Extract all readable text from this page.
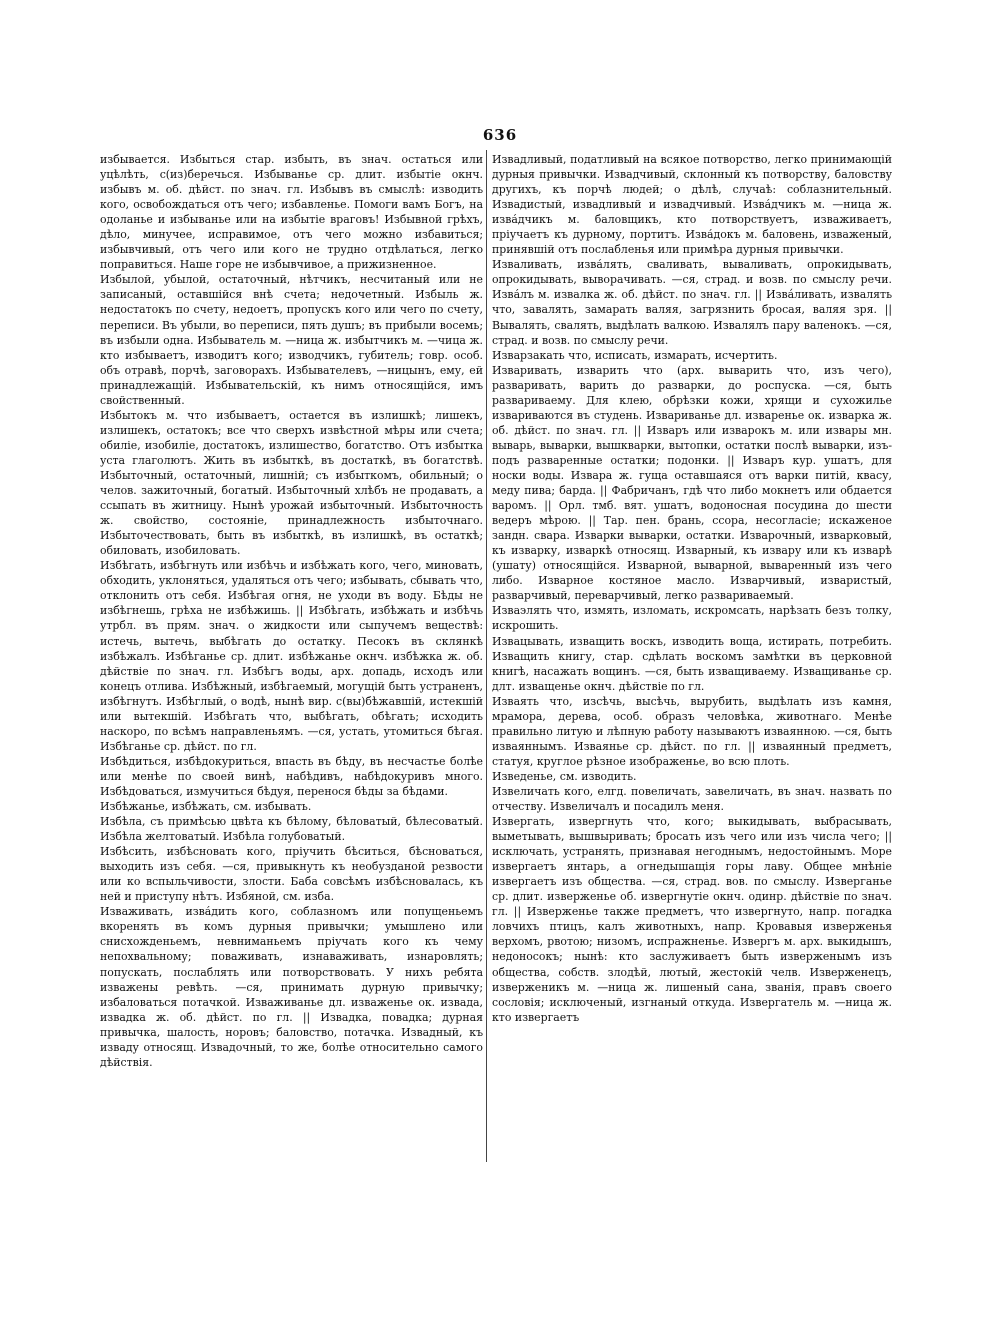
636

избывается. Избыться стар. избыть, въ знач. остаться или уцѣлѣть, с(из)беречься. Избыванье ср. длит. избытіе окнч. избывъ м. об. дѣйст. по знач. гл. Избывъ въ смыслѣ: изводить кого, освобождаться отъ чего; избавленье. Помоги вамъ Богъ, на одоланье и избыванье или на избытіе враговъ! Избывной грѣхъ, дѣло, минучее, исправимое, отъ чего можно избавиться; избывчивый, отъ чего или кого не трудно отдѣлаться, легко поправиться. Наше горе не избывчивое, а прижизненное.

Избылой, убылой, остаточный, нѣтчикъ, несчитаный или не записаный, оставшійся внѣ счета; недочетный. Избыль ж. недостатокъ по счету, недоетъ, пропускъ кого или чего по счету, переписи. Въ убыли, во переписи, пять душъ; въ прибыли восемь; въ избыли одна. Избыватель м. —ница ж. избытчикъ м. —чица ж. кто избываетъ, изводитъ кого; изводчикъ, губитель; говр. особ. объ отравѣ, порчѣ, заговорахъ. Избывателевъ, —ницынъ, ему, ей принадлежащій. Избывательскій, къ нимъ относящійся, имъ свойственный.

Избытокъ м. что избываетъ, остается въ излишкѣ; лишекъ, излишекъ, остатокъ; все что сверхъ извѣстной мѣры или счета; обиліе, изобиліе, достатокъ, излишество, богатство. Отъ избытка уста глаголютъ. Жить въ избыткѣ, въ достаткѣ, въ богатствѣ. Избыточный, остаточный, лишній; съ избыткомъ, обильный; о челов. зажиточный, богатый. Избыточный хлѣбъ не продавать, а ссыпать въ житницу. Нынѣ урожай избыточный. Избыточность ж. свойство, состояніе, принадлежность избыточнаго. Избыточествовать, быть въ избыткѣ, въ излишкѣ, въ остаткѣ; обиловать, изобиловать.

Избѣгать, избѣгнуть или избѣчь и избѣжать кого, чего, миновать, обходить, уклоняться, удаляться отъ чего; избывать, сбывать что, отклонить отъ себя. Избѣгая огня, не уходи въ воду. Бѣды не избѣгнешь, грѣха не избѣжишь. || Избѣгать, избѣжать и избѣчь утрбл. въ прям. знач. о жидкости или сыпучемъ веществѣ: истечь, вытечь, выбѣгать до остатку. Песокъ въ склянкѣ избѣжалъ. Избѣганье ср. длит. избѣжанье окнч. избѣжка ж. об. дѣйствіе по знач. гл. Избѣгъ воды, арх. допадь, исходъ или конецъ отлива. Избѣжный, избѣгаемый, могущій быть устраненъ, избѣгнутъ. Избѣглый, о водѣ, нынѣ вир. с(вы)бѣжавшій, истекшій или вытекшій. Избѣгать что, выбѣгать, обѣгать; исходить наскоро, по всѣмъ направленьямъ. —ся, устать, утомиться бѣгая. Избѣганье ср. дѣйст. по гл.

Избѣдиться, избѣдокуриться, впасть въ бѣду, въ несчастье болѣе или менѣе по своей винѣ, набѣдивъ, набѣдокуривъ много. Избѣдоваться, измучиться бѣдуя, перенося бѣды за бѣдами.

Избѣжанье, избѣжать, см. избывать.

Избѣла, съ примѣсью цвѣта къ бѣлому, бѣловатый, бѣлесоватый. Избѣла желтоватый. Избѣла голубоватый.

Избѣсить, избѣсновать кого, пріучить бѣситься, бѣсноваться, выходить изъ себя. —ся, привыкнуть къ необузданой резвости или ко вспыльчивости, злости. Баба совсѣмъ избѣсновалась, къ ней и приступу нѣтъ. Избяной, см. изба.

Изваживать, изва́дить кого, соблазномъ или попущеньемъ вкоренять въ комъ дурныя привычки; умышлено или снисхожденьемъ, невниманьемъ пріучать кого къ чему непохвальному; поваживать, изнаваживать, изнаровлять; попускать, послаблять или потворствовать. У нихъ ребята изважены ревѣть. —ся, принимать дурную привычку; избаловаться потачкой. Изваживанье дл. изваженье ок. извада, извадка ж. об. дѣйст. по гл. || Извадка, повадка; дурная привычка, шалость, норовъ; баловство, потачка. Извадный, къ изваду относящ. Извадочный, то же, болѣе относительно самого дѣйствія.

Извадливый, податливый на всякое потворство, легко принимающій дурныя привычки. Извадчивый, склонный къ потворству, баловству другихъ, къ порчѣ людей; о дѣлѣ, случаѣ: соблазнительный. Извадистый, извадливый и извадчивый. Изва́дчикъ м. —ница ж. изва́дчикъ м. баловщикъ, кто потворствуетъ, изваживаетъ, пріучаетъ къ дурному, портитъ. Изва́докъ м. баловень, изваженый, принявшій отъ послабленья или примѣра дурныя привычки.

Изваливать, изва́лять, сваливать, вываливать, опрокидывать, опрокидывать, выворачивать. —ся, страд. и возв. по смыслу речи. Изва́лъ м. извалка ж. об. дѣйст. по знач. гл. || Извáливать, извалять что, завалять, замарать валяя, загрязнить бросая, валяя зря. || Вывалять, свалять, выдѣлать валкою. Извалялъ пару валенокъ. —ся, страд. и возв. по смыслу речи.

Изварзакать что, исписать, измарать, исчертить.

Изваривать, изварить что (арх. выварить что, изъ чего), разваривать, варить до разварки, до роспуска. —ся, быть развариваему. Для клею, обрѣзки кожи, хрящи и сухожилье извариваются въ студень. Извариванье дл. изваренье ок. изварка ж. об. дѣйст. по знач. гл. || Изваръ или изварокъ м. или извары мн. выварь, выварки, вышкварки, вытопки, остатки послѣ выварки, изъ-подъ разваренные остатки; подонки. || Изваръ кур. ушатъ, для носки воды. Извара ж. гуща оставшаяся отъ варки питій, квасу, меду пива; барда. || Фабричанъ, гдѣ что либо мокнетъ или обдается варомъ. || Орл. тмб. вят. ушатъ, водоносная посудина до шести ведеръ мѣрою. || Тар. пен. брань, ссора, несогласіе; искаженое зандн. свара. Изварки выварки, остатки. Изварочный, изварковый, къ изварку, изваркѣ относящ. Изварный, къ извару или къ изварѣ (ушату) относящійся. Изварной, выварной, вываренный изъ чего либо. Изварное костяное масло. Изварчивый, изваристый, разварчивый, переварчивый, легко развариваемый.

Изваэлять что, измять, изломать, искромсать, нарѣзать безъ толку, искрошить.

Извацывать, изващить воскъ, изводить воща, истирать, потребить. Изващить книгу, стар. сдѣлать воскомъ замѣтки въ церковной книгѣ, насажать вощинъ. —ся, быть изващиваему. Изващиванье ср. длт. изващенье окнч. дѣйствіе по гл.

Изваять что, изсѣчь, высѣчь, вырубить, выдѣлать изъ камня, мрамора, дерева, особ. образъ человѣка, животнаго. Менѣе правильно литую и лѣпную работу называютъ изваянною. —ся, быть изваяннымъ. Изваянье ср. дѣйст. по гл. || изваянный предметъ, статуя, круглое рѣзное изображенье, во всю плоть.

Изведенье, см. изводить.

Извеличать кого, елгд. повеличать, завеличать, въ знач. назвать по отчеству. Извеличалъ и посадилъ меня.

Извергать, извергнуть что, кого; выкидывать, выбрасывать, выметывать, вышвыривать; бросать изъ чего или изъ числа чего; || исключать, устранять, признавая негоднымъ, недостойнымъ. Море извергаетъ янтарь, а огнедышащія горы лаву. Общее мнѣніе извергаетъ изъ общества. —ся, страд. вов. по смыслу. Изверганье ср. длит. изверженье об. извергнутіе окнч. одинр. дѣйствіе по знач. гл. || Изверженье также предметъ, что извергнуто, напр. погадка ловчихъ птицъ, калъ животныхъ, напр. Кровавыя изверженья верхомъ, рвотою; низомъ, испражненье. Извергъ м. арх. выкидышъ, недоносокъ; нынѣ: кто заслуживаетъ быть изверженымъ изъ общества, собств. злодѣй, лютый, жестокій челв. Изверженецъ, изверженикъ м. —ница ж. лишеный сана, званія, правъ своего сословія; исключеный, изгнаный откуда. Извергатель м. —ница ж. кто извергаетъ
